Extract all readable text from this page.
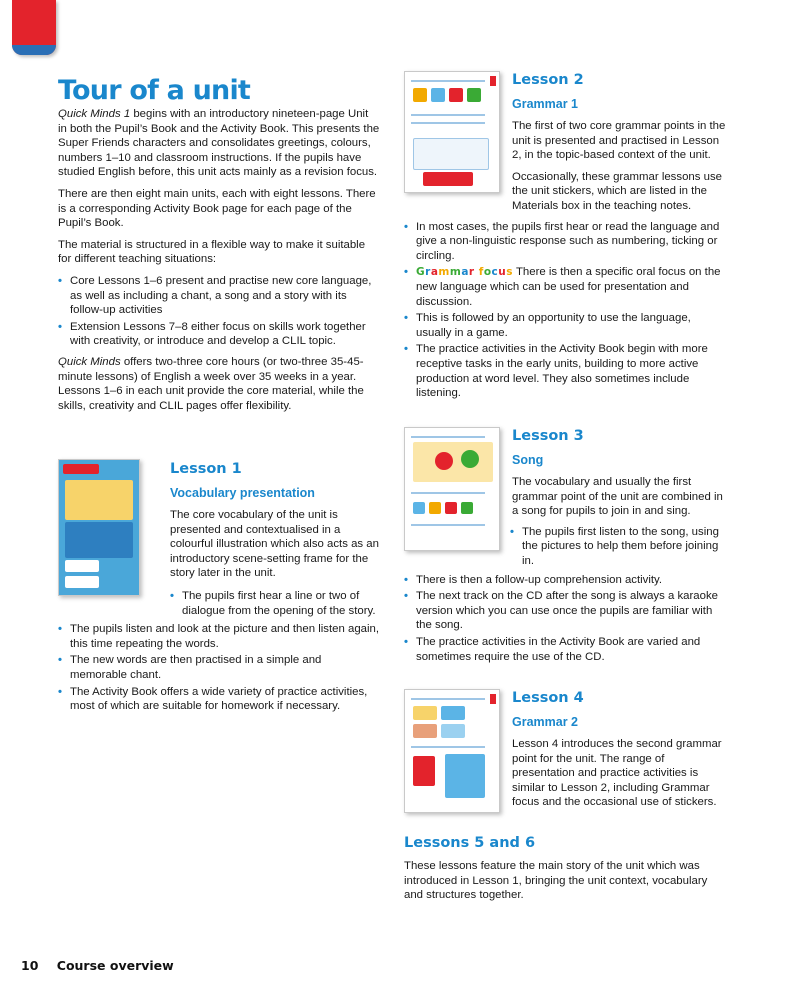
Tour of a unit

Quick Minds 1 begins with an introductory nineteen-page Unit in both the Pupil’s Book and the Activity Book. This presents the Super Friends characters and consolidates greetings, colours, numbers 1–10 and classroom instructions. If the pupils have studied English before, this unit acts mainly as a revision focus.

There are then eight main units, each with eight lessons. There is a corresponding Activity Book page for each page of the Pupil’s Book.

The material is structured in a flexible way to make it suitable for different teaching situations:

• Core Lessons 1–6 present and practise new core language, as well as including a chant, a song and a story with its follow-up activities
• Extension Lessons 7–8 either focus on skills work together with creativity, or introduce and develop a CLIL topic.

Quick Minds offers two-three core hours (or two-three 35-45-minute lessons) of English a week over 35 weeks in a year. Lessons 1–6 in each unit provide the core material, while the skills, creativity and CLIL pages offer flexibility.

Lesson 1

Vocabulary presentation

The core vocabulary of the unit is presented and contextualised in a colourful illustration which also acts as an introductory scene-setting frame for the story later in the unit.

• The pupils first hear a line or two of dialogue from the opening of the story.
• The pupils listen and look at the picture and then listen again, this time repeating the words.
• The new words are then practised in a simple and memorable chant.
• The Activity Book offers a wide variety of practice activities, most of which are suitable for homework if necessary.

Lesson 2

Grammar 1

The first of two core grammar points in the unit is presented and practised in Lesson 2, in the topic-based context of the unit.

Occasionally, these grammar lessons use the unit stickers, which are listed in the Materials box in the teaching notes.

• In most cases, the pupils first hear or read the language and give a non-linguistic response such as numbering, ticking or circling.
• Grammar focus There is then a specific oral focus on the new language which can be used for presentation and discussion.
• This is followed by an opportunity to use the language, usually in a game.
• The practice activities in the Activity Book begin with more receptive tasks in the early units, building to more active production at word level. They also sometimes include listening.

Lesson 3

Song

The vocabulary and usually the first grammar point of the unit are combined in a song for pupils to join in and sing.

• The pupils first listen to the song, using the pictures to help them before joining in.
• There is then a follow-up comprehension activity.
• The next track on the CD after the song is always a karaoke version which you can use once the pupils are familiar with the song.
• The practice activities in the Activity Book are varied and sometimes require the use of the CD.

Lesson 4

Grammar 2

Lesson 4 introduces the second grammar point for the unit. The range of presentation and practice activities is similar to Lesson 2, including Grammar focus and the occasional use of stickers.

Lessons 5 and 6

These lessons feature the main story of the unit which was introduced in Lesson 1, bringing the unit context, vocabulary and structures together.

10 Course overview
